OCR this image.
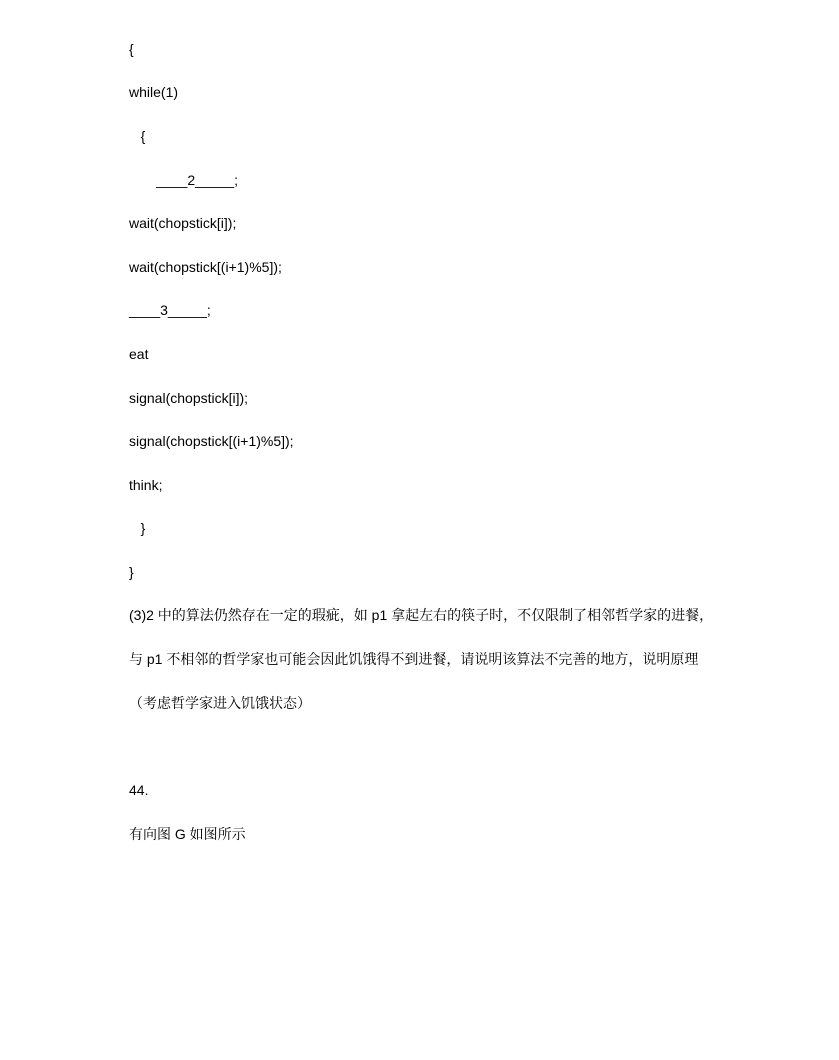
{
while(1)
{
____2_____;
wait(chopstick[i]);
wait(chopstick[(i+1)%5]);
____3_____;
eat
signal(chopstick[i]);
signal(chopstick[(i+1)%5]);
think;
}
}
(3)2 中的算法仍然存在一定的瑕疵，如 p1 拿起左右的筷子时，不仅限制了相邻哲学家的进餐，与 p1 不相邻的哲学家也可能会因此饥饿得不到进餐，请说明该算法不完善的地方，说明原理（考虑哲学家进入饥饿状态）
44.
有向图 G 如图所示
